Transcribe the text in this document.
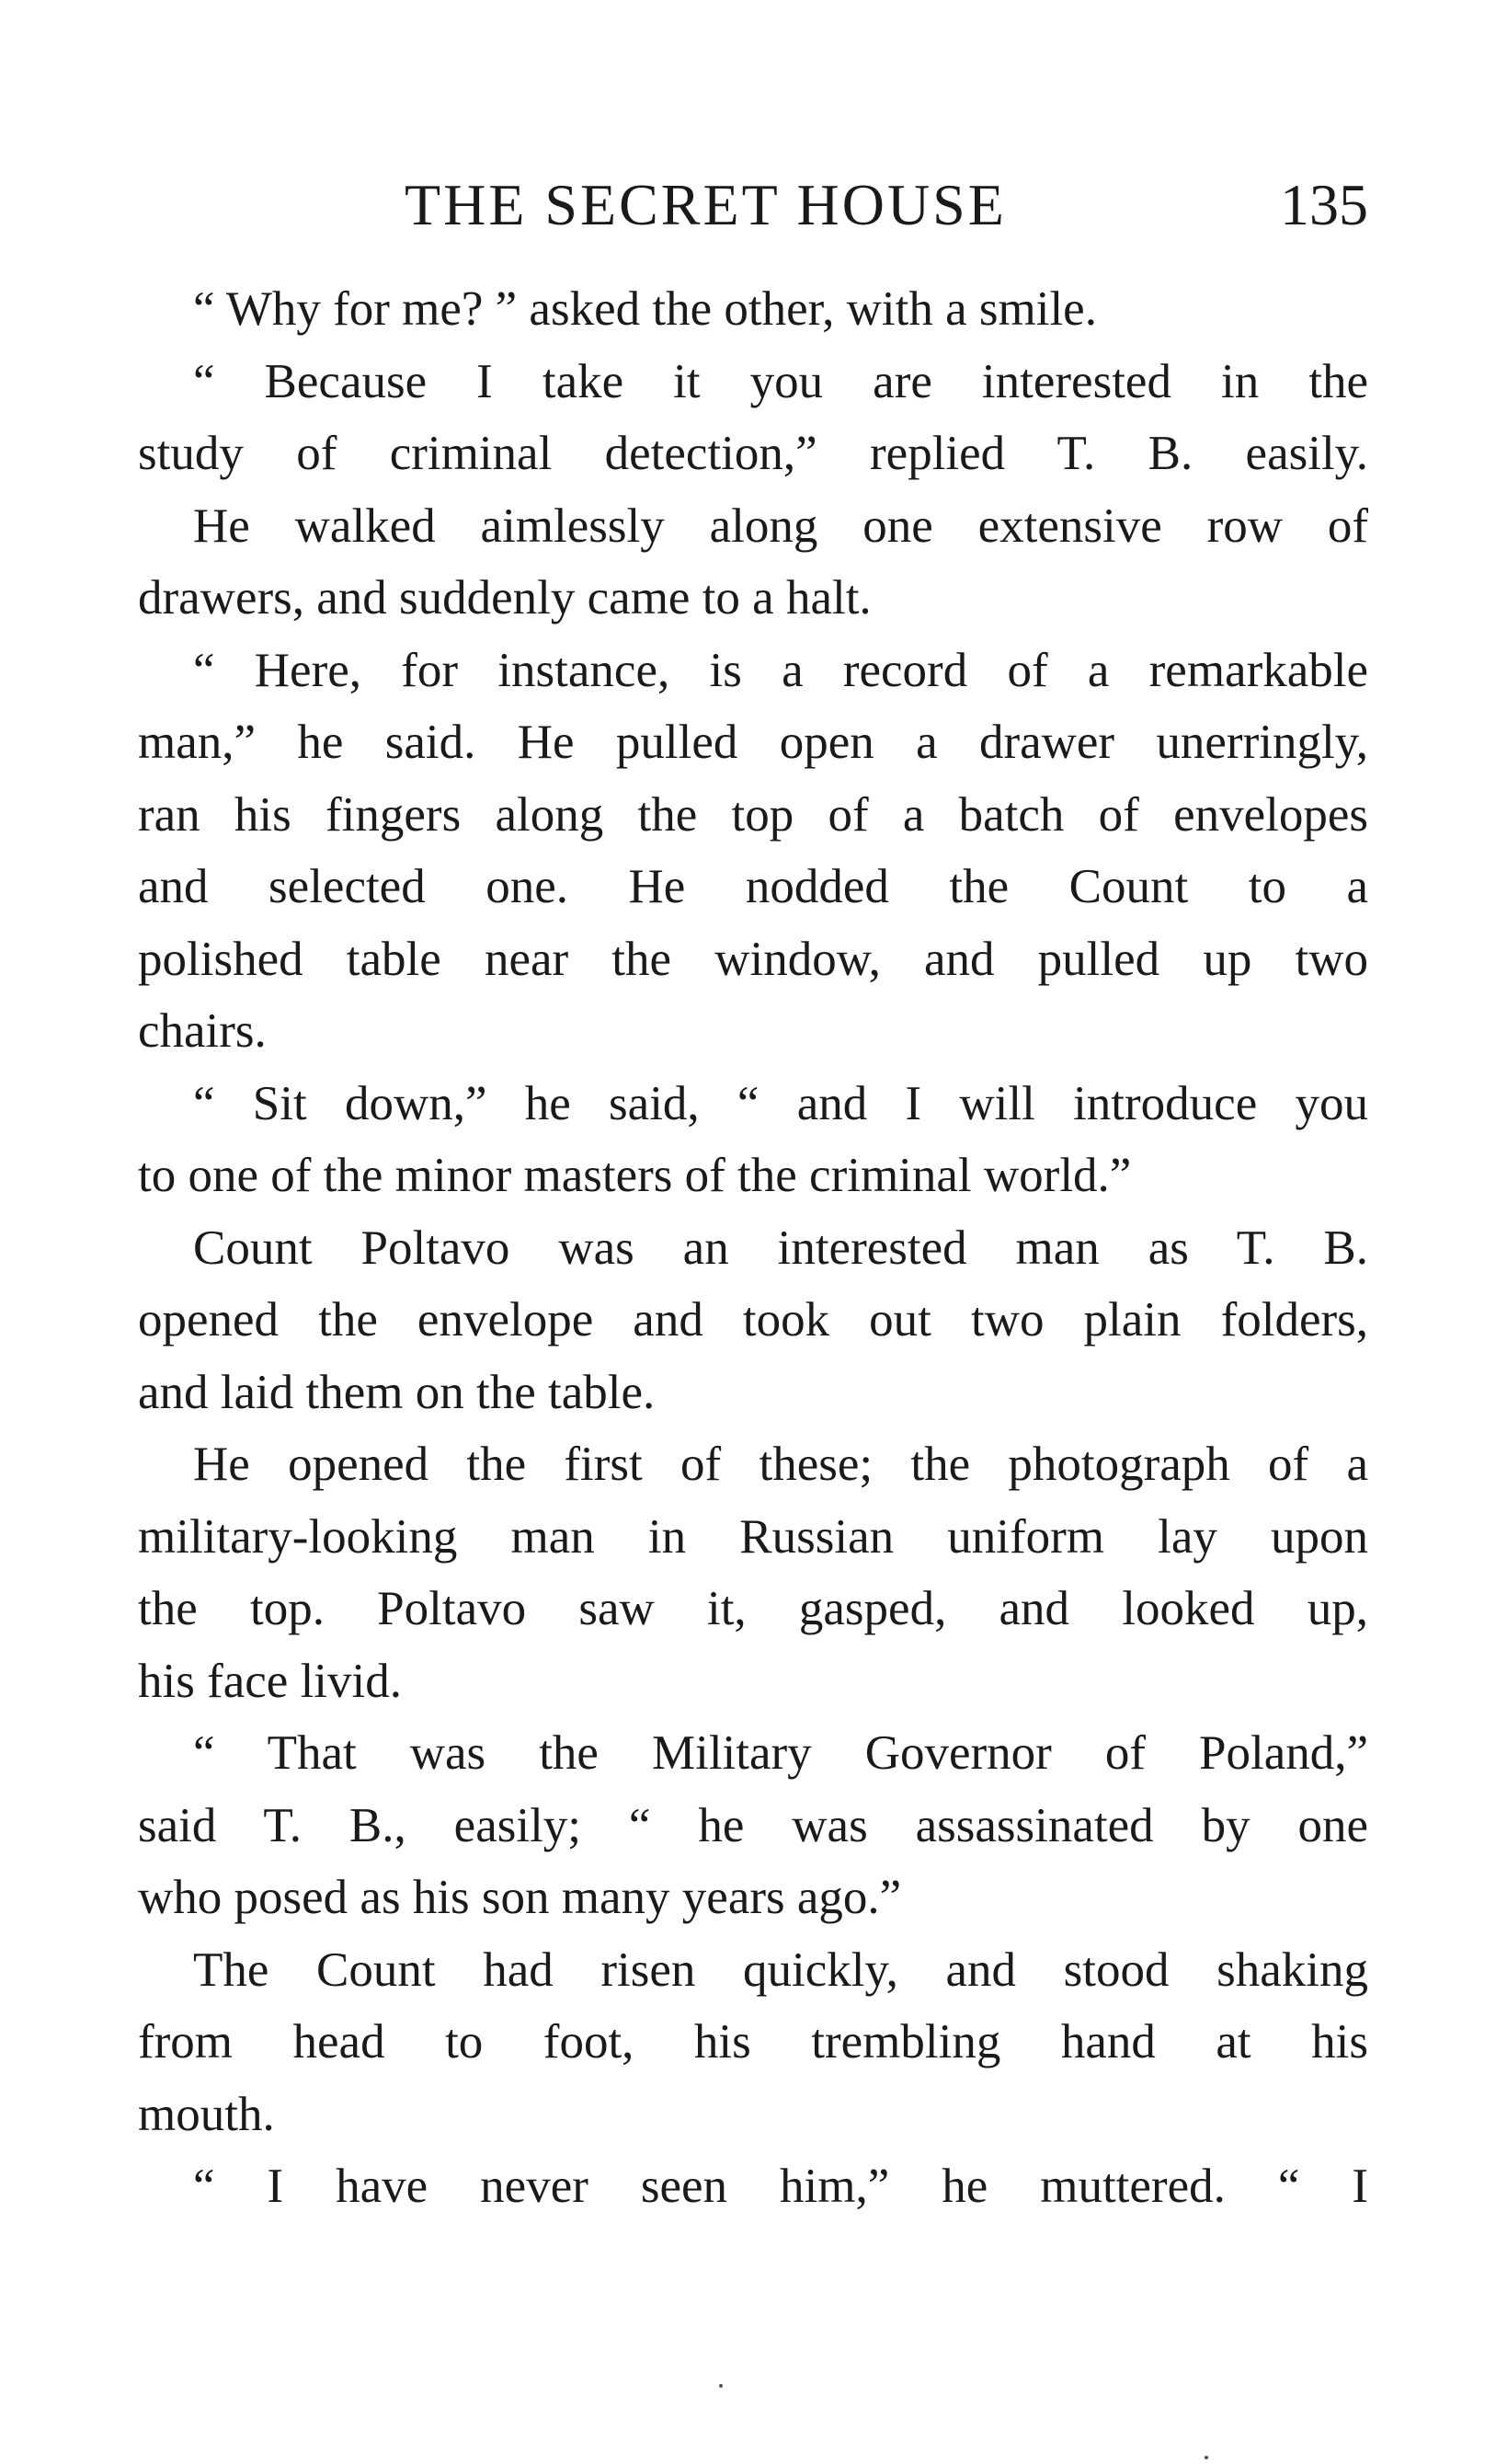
THE SECRET HOUSE	135
“ Why for me? ” asked the other, with a smile.
“ Because I take it you are interested in the
study of criminal detection,” replied T. B. easily.
He walked aimlessly along one extensive row of
drawers, and suddenly came to a halt.
“ Here, for instance, is a record of a remarkable
man,” he said. He pulled open a drawer unerringly,
ran his fingers along the top of a batch of envelopes
and selected one. He nodded the Count to a
polished table near the window, and pulled up two
chairs.
“ Sit down,” he said, “ and I will introduce you
to one of the minor masters of the criminal world.”
Count Poltavo was an interested man as T. B.
opened the envelope and took out two plain folders,
and laid them on the table.
He opened the first of these; the photograph of a
military-looking man in Russian uniform lay upon
the top. Poltavo saw it, gasped, and looked up,
his face livid.
“ That was the Military Governor of Poland,”
said T. B., easily; “ he was assassinated by one
who posed as his son many years ago.”
The Count had risen quickly, and stood shaking
from head to foot, his trembling hand at his
mouth.
“ I have never seen him,” he muttered. “ I
